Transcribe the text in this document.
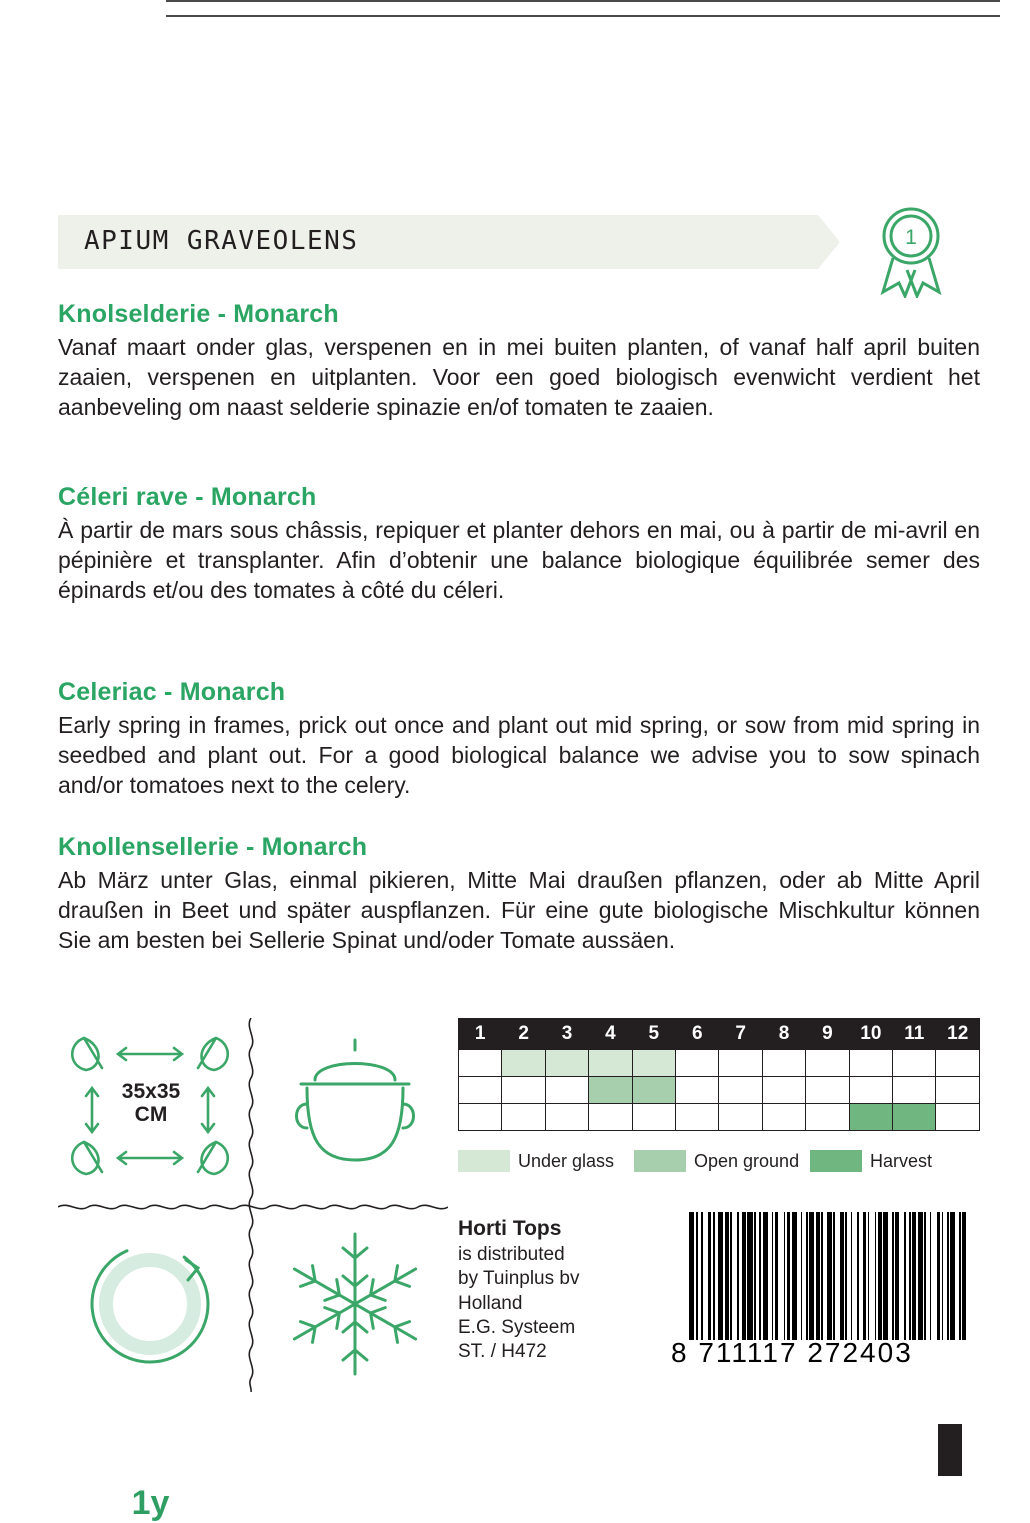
APIUM GRAVEOLENS	1
Knolselderie - Monarch

Vanaf maart onder glas, verspenen en in mei buiten planten, of vanaf half april buiten zaaien, verspenen en uitplanten. Voor een goed biologisch evenwicht verdient het aanbeveling om naast selderie spinazie en/of tomaten te zaaien.

Céleri rave - Monarch

À partir de mars sous châssis, repiquer et planter dehors en mai, ou à partir de mi-avril en pépinière et transplanter. Afin d’obtenir une balance biologique équilibrée semer des épinards et/ou des tomates à côté du céleri.

Celeriac - Monarch

Early spring in frames, prick out once and plant out mid spring, or sow from mid spring in seedbed and plant out. For a good biological balance we advise you to sow spinach and/or tomatoes next to the celery.

Knollensellerie - Monarch

Ab März unter Glas, einmal pikieren, Mitte Mai draußen pflanzen, oder ab Mitte April draußen in Beet und später auspflanzen. Für eine gute biologische Mischkultur können Sie am besten bei Sellerie Spinat und/oder Tomate aussäen.

35x35
CM
1y
1	2	3	4	5	6	7	8	9	10	11	12

Under glass	Open ground	Harvest
Horti Tops
is distributed
by Tuinplus bv
Holland
E.G. Systeem
ST. / H472	8 711117 272403
